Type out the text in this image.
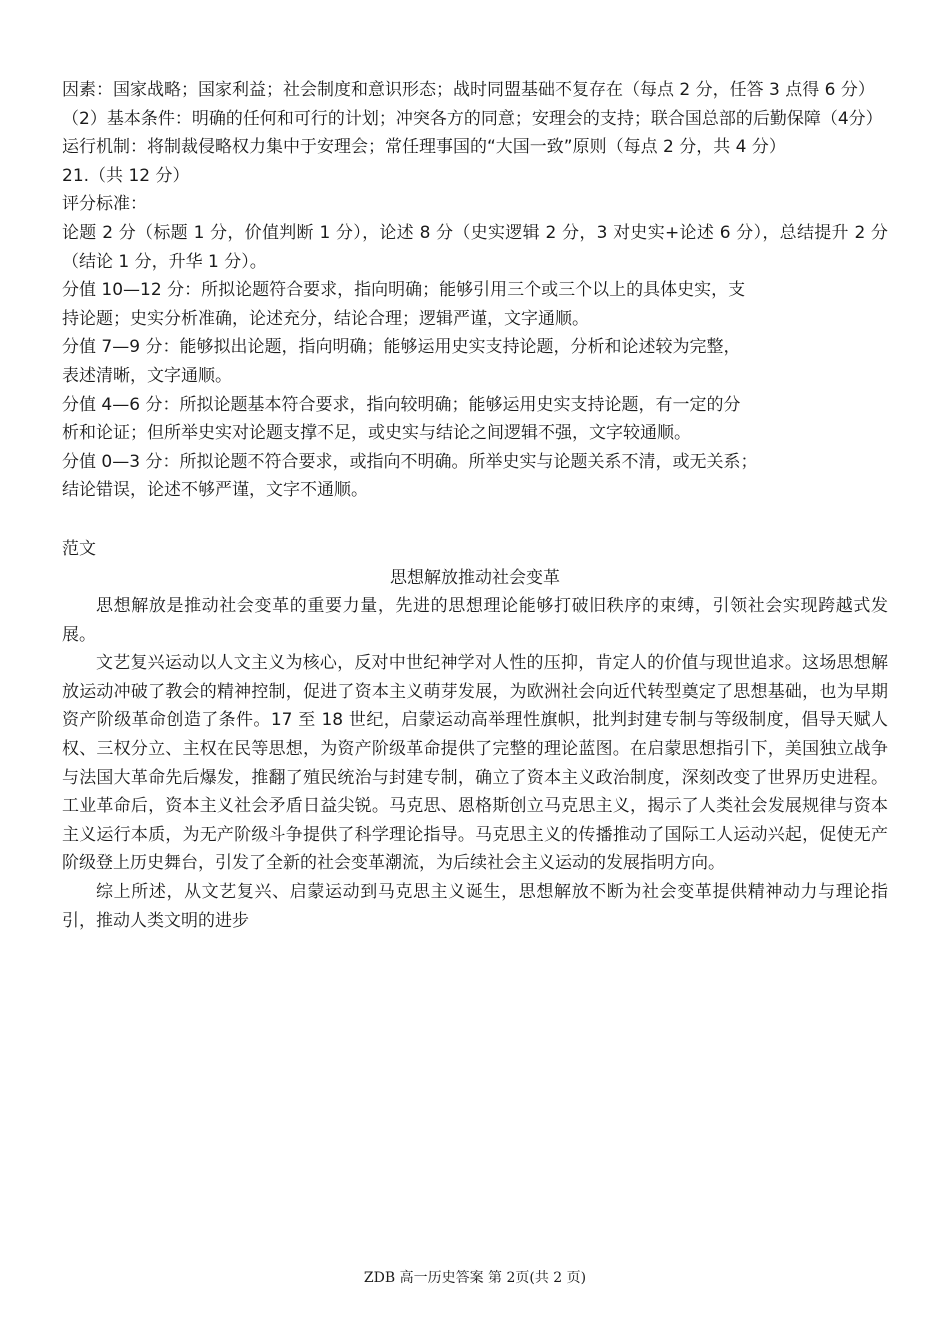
因素：国家战略；国家利益；社会制度和意识形态；战时同盟基础不复存在（每点 2 分，任答 3 点得 6 分）

（2）基本条件：明确的任何和可行的计划；冲突各方的同意；安理会的支持；联合国总部的后勤保障（4分）

运行机制：将制裁侵略权力集中于安理会；常任理事国的“大国一致”原则（每点 2 分，共 4 分）

21.（共 12 分）

评分标准：

论题 2 分（标题 1 分，价值判断 1 分），论述 8 分（史实逻辑 2 分，3 对史实+论述 6 分），总结提升 2 分（结论 1 分，升华 1 分）。

分值 10—12 分：所拟论题符合要求，指向明确；能够引用三个或三个以上的具体史实，支

持论题；史实分析准确，论述充分，结论合理；逻辑严谨，文字通顺。

分值 7—9 分：能够拟出论题，指向明确；能够运用史实支持论题，分析和论述较为完整，

表述清晰，文字通顺。

分值 4—6 分：所拟论题基本符合要求，指向较明确；能够运用史实支持论题，有一定的分

析和论证；但所举史实对论题支撑不足，或史实与结论之间逻辑不强，文字较通顺。

分值 0—3 分：所拟论题不符合要求，或指向不明确。所举史实与论题关系不清，或无关系；

结论错误，论述不够严谨，文字不通顺。

范文

思想解放推动社会变革

思想解放是推动社会变革的重要力量，先进的思想理论能够打破旧秩序的束缚，引领社会实现跨越式发展。

文艺复兴运动以人文主义为核心，反对中世纪神学对人性的压抑，肯定人的价值与现世追求。这场思想解放运动冲破了教会的精神控制，促进了资本主义萌芽发展，为欧洲社会向近代转型奠定了思想基础，也为早期资产阶级革命创造了条件。17 至 18 世纪，启蒙运动高举理性旗帜，批判封建专制与等级制度，倡导天赋人权、三权分立、主权在民等思想，为资产阶级革命提供了完整的理论蓝图。在启蒙思想指引下，美国独立战争与法国大革命先后爆发，推翻了殖民统治与封建专制，确立了资本主义政治制度，深刻改变了世界历史进程。工业革命后，资本主义社会矛盾日益尖锐。马克思、恩格斯创立马克思主义，揭示了人类社会发展规律与资本主义运行本质，为无产阶级斗争提供了科学理论指导。马克思主义的传播推动了国际工人运动兴起，促使无产阶级登上历史舞台，引发了全新的社会变革潮流，为后续社会主义运动的发展指明方向。

综上所述，从文艺复兴、启蒙运动到马克思主义诞生，思想解放不断为社会变革提供精神动力与理论指引，推动人类文明的进步

ZDB 高一历史答案 第 2页(共 2 页)
